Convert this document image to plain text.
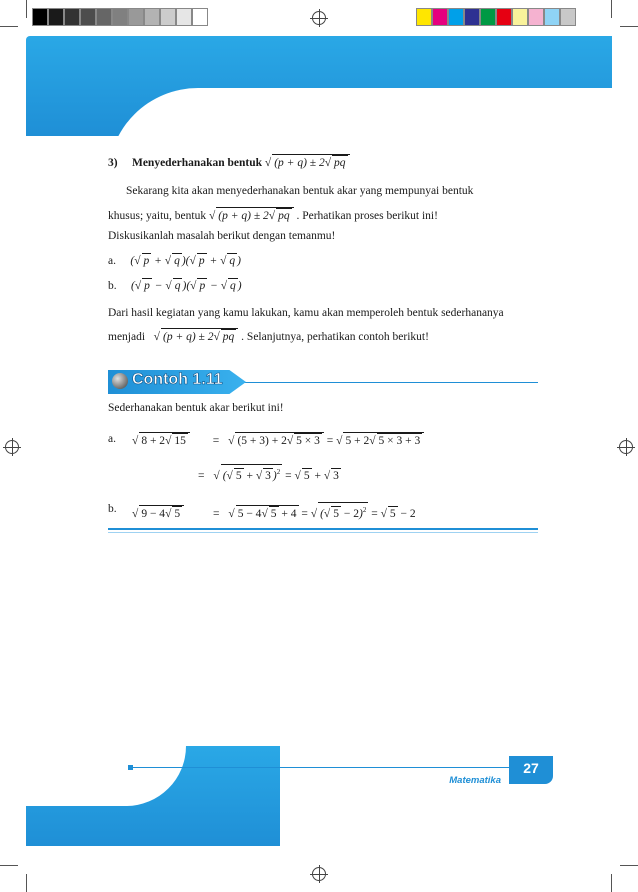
3) Menyederhanakan bentuk √ (p + q) ± 2√ pq
Sekarang kita akan menyederhanakan bentuk akar yang mempunyai bentuk
khusus; yaitu, bentuk √ (p + q) ± 2√ pq . Perhatikan proses berikut ini!
Diskusikanlah masalah berikut dengan temanmu!
a. (√ p + √ q )(√ p + √ q )
b. (√ p − √ q )(√ p − √ q )
Dari hasil kegiatan yang kamu lakukan, kamu akan memperoleh bentuk sederhananya
menjadi √ (p + q) ± 2√ pq . Selanjutnya, perhatikan contoh berikut!
Contoh 1.11
Sederhanakan bentuk akar berikut ini!
a. √ 8 + 2√ 15 = √ (5 + 3) + 2√ 5 × 3 = √ 5 + 2√ 5 × 3 + 3
= √ (√ 5 + √ 3 )$^2$ = √ 5 + √ 3
b. √ 9 − 4√ 5	= √ 5 − 4√ 5 + 4 = √ (√ 5 − 2)$^2$ = √ 5 − 2
Matematika
27
